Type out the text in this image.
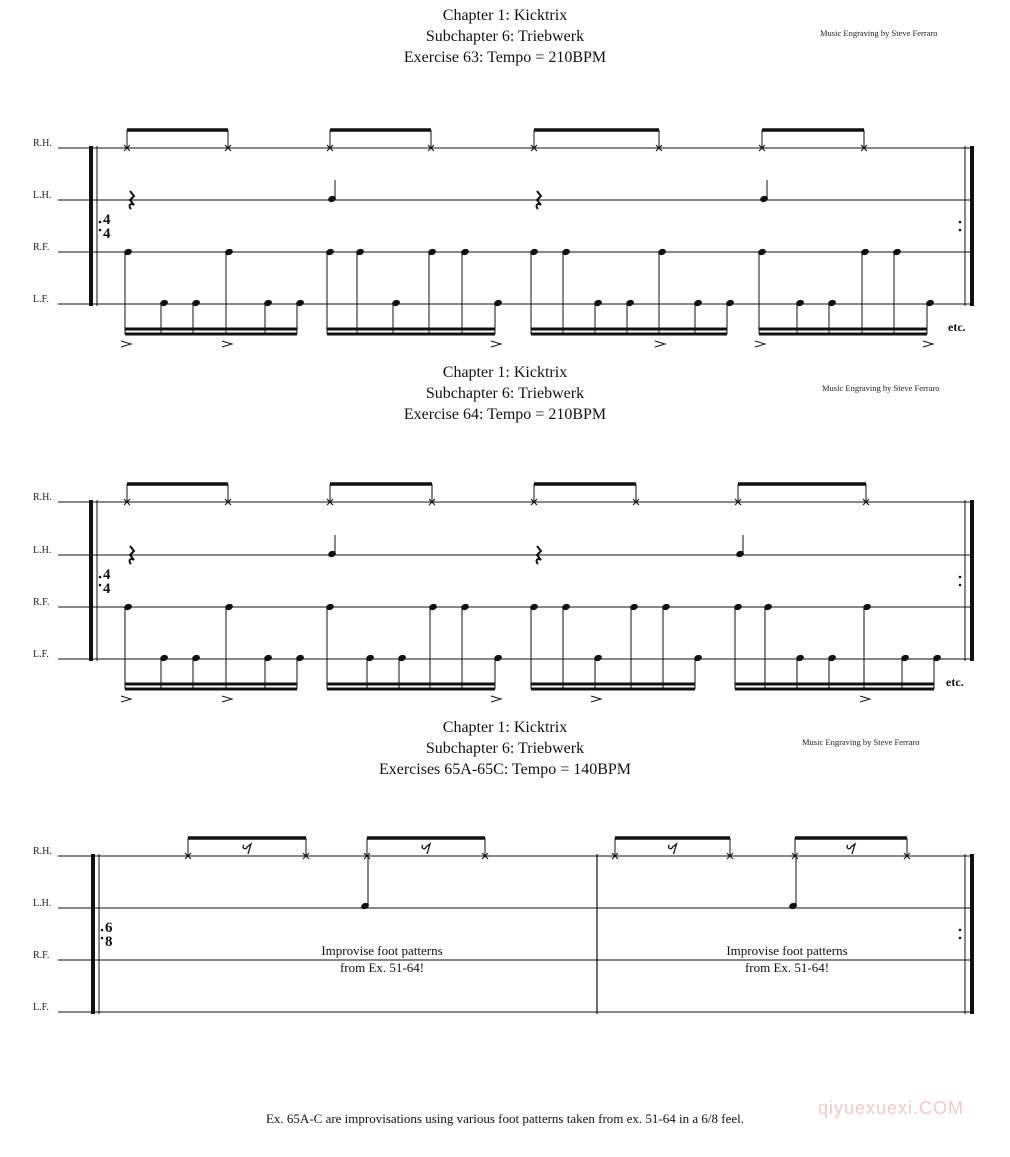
Chapter 1: Kicktrix
Subchapter 6: Triebwerk
Exercise 63: Tempo = 210BPM
Music Engraving by Steve Ferraro
Chapter 1: Kicktrix
Subchapter 6: Triebwerk
Exercise 64: Tempo = 210BPM
Music Engraving by Steve Ferraro
Chapter 1: Kicktrix
Subchapter 6: Triebwerk
Exercises 65A-65C: Tempo = 140BPM
Music Engraving by Steve Ferraro
R.H.
L.H.
R.F.
L.F.
4
4
etc.
R.H.
L.H.
R.F.
L.F.
4
4
etc.
R.H.
L.H.
R.F.
L.F.
6
8
Improvise foot patterns
from Ex. 51-64!
Improvise foot patterns
from Ex. 51-64!
qiyuexuexi.COM
Ex. 65A-C are improvisations using various foot patterns taken from ex. 51-64 in a 6/8 feel.
